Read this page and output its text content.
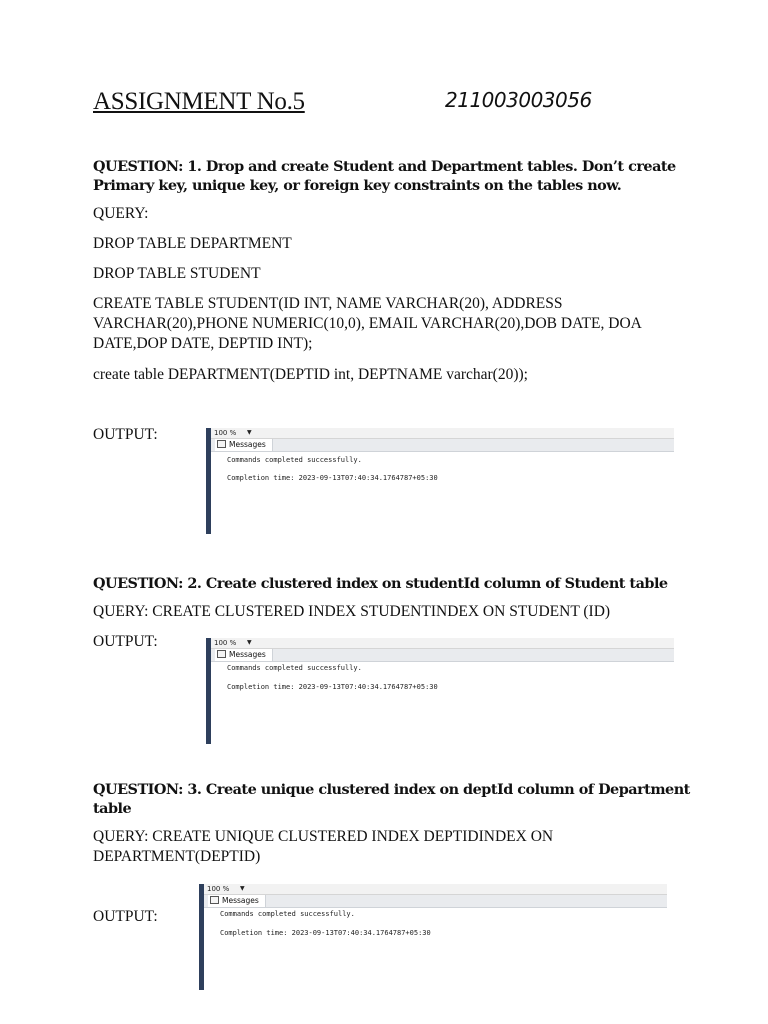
ASSIGNMENT No.5	211003003056
QUESTION: 1. Drop and create Student and Department tables. Don’t create Primary key, unique key, or foreign key constraints on the tables now.
QUERY:
DROP TABLE DEPARTMENT
DROP TABLE STUDENT
CREATE TABLE STUDENT(ID INT, NAME VARCHAR(20), ADDRESS VARCHAR(20),PHONE NUMERIC(10,0), EMAIL VARCHAR(20),DOB DATE, DOA DATE,DOP DATE, DEPTID INT);
create table DEPARTMENT(DEPTID int, DEPTNAME varchar(20));
OUTPUT:	100 % ▼
Messages
Commands completed successfully.
Completion time: 2023-09-13T07:40:34.1764787+05:30
QUESTION: 2. Create clustered index on studentId column of Student table
QUERY: CREATE CLUSTERED INDEX STUDENTINDEX ON STUDENT (ID)
OUTPUT:	100 % ▼
Messages
Commands completed successfully.
Completion time: 2023-09-13T07:40:34.1764787+05:30
QUESTION: 3. Create unique clustered index on deptId column of Department table
QUERY: CREATE UNIQUE CLUSTERED INDEX DEPTIDINDEX ON DEPARTMENT(DEPTID)
OUTPUT:
100 % ▼
Messages
Commands completed successfully.
Completion time: 2023-09-13T07:40:34.1764787+05:30
